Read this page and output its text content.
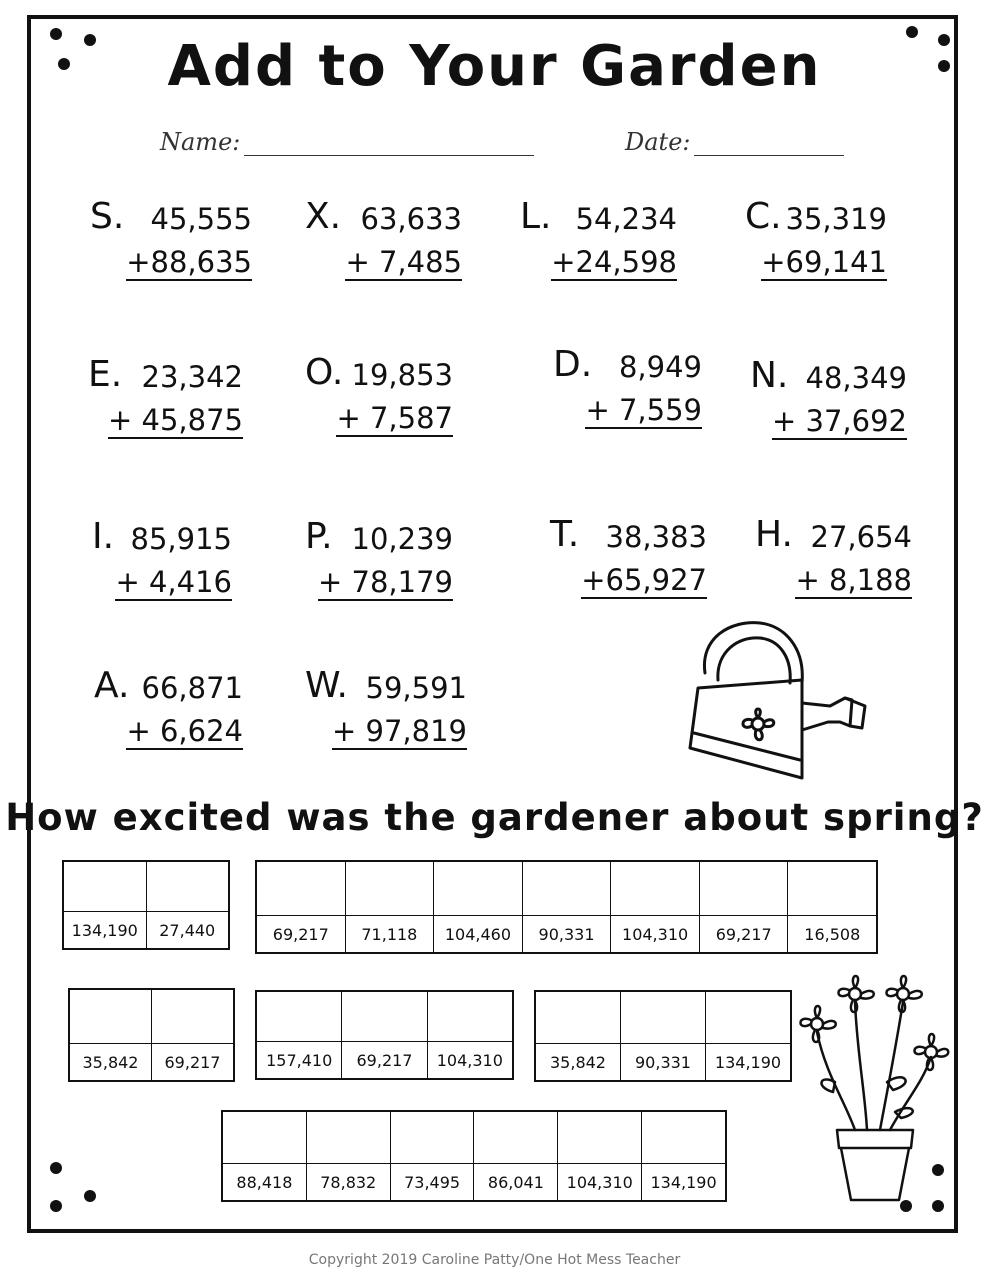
Add to Your Garden
Name:	Date:
S. 45,555
+88,635
X. 63,633
+ 7,485
L. 54,234
+24,598
C. 35,319
+69,141
E. 23,342
+ 45,875
O. 19,853
+ 7,587
D. 8,949
+ 7,559
N. 48,349
+ 37,692
I. 85,915
+ 4,416
P. 10,239
+ 78,179
T. 38,383
+65,927
H. 27,654
+ 8,188
A. 66,871
+ 6,624
W. 59,591
+ 97,819
How excited was the gardener about spring?
134,190	27,440	69,217	71,118	104,460	90,331	104,310	69,217	16,508
35,842	69,217	157,410	69,217	104,310	35,842	90,331	134,190
88,418	78,832	73,495	86,041	104,310	134,190
Copyright 2019 Caroline Patty/One Hot Mess Teacher
